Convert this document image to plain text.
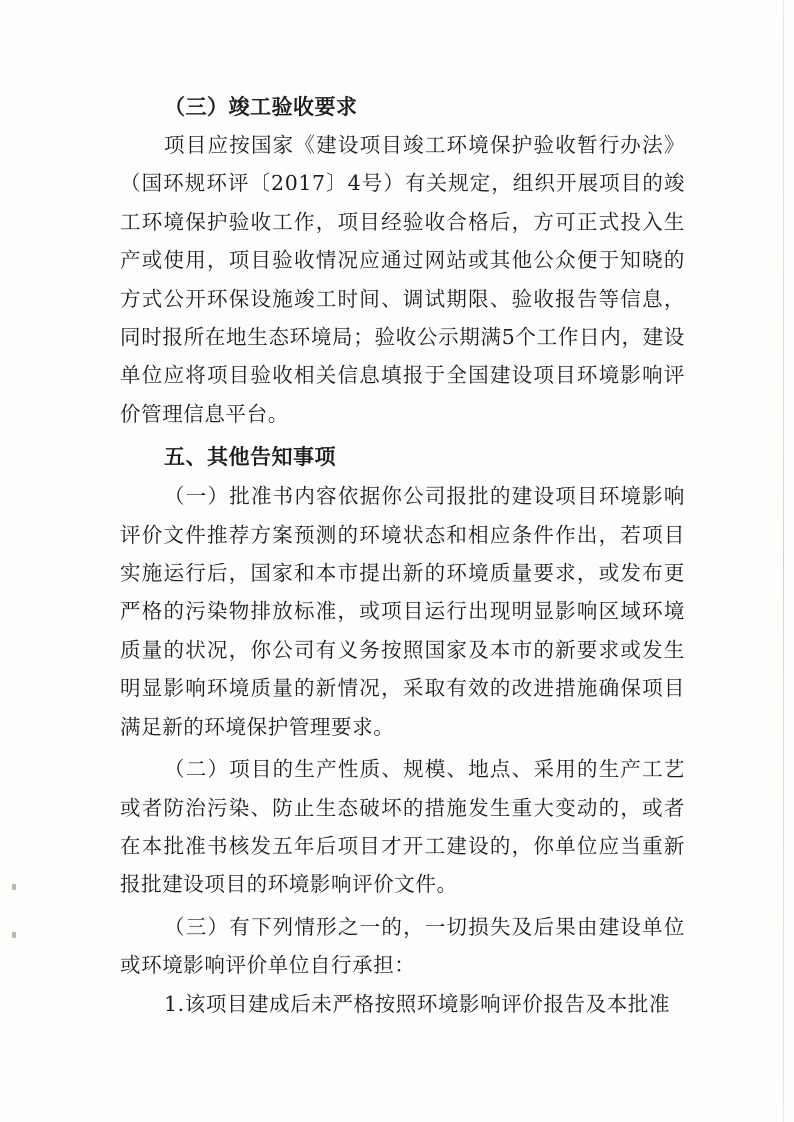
（三）竣工验收要求

项目应按国家《建设项目竣工环境保护验收暂行办法》（国环规环评〔2017〕4号）有关规定，组织开展项目的竣工环境保护验收工作，项目经验收合格后，方可正式投入生产或使用，项目验收情况应通过网站或其他公众便于知晓的方式公开环保设施竣工时间、调试期限、验收报告等信息，同时报所在地生态环境局；验收公示期满5个工作日内，建设单位应将项目验收相关信息填报于全国建设项目环境影响评价管理信息平台。

五、其他告知事项

（一）批准书内容依据你公司报批的建设项目环境影响评价文件推荐方案预测的环境状态和相应条件作出，若项目实施运行后，国家和本市提出新的环境质量要求，或发布更严格的污染物排放标准，或项目运行出现明显影响区域环境质量的状况，你公司有义务按照国家及本市的新要求或发生明显影响环境质量的新情况，采取有效的改进措施确保项目满足新的环境保护管理要求。

（二）项目的生产性质、规模、地点、采用的生产工艺或者防治污染、防止生态破坏的措施发生重大变动的，或者在本批准书核发五年后项目才开工建设的，你单位应当重新报批建设项目的环境影响评价文件。

（三）有下列情形之一的，一切损失及后果由建设单位或环境影响评价单位自行承担：

1.该项目建成后未严格按照环境影响评价报告及本批准
